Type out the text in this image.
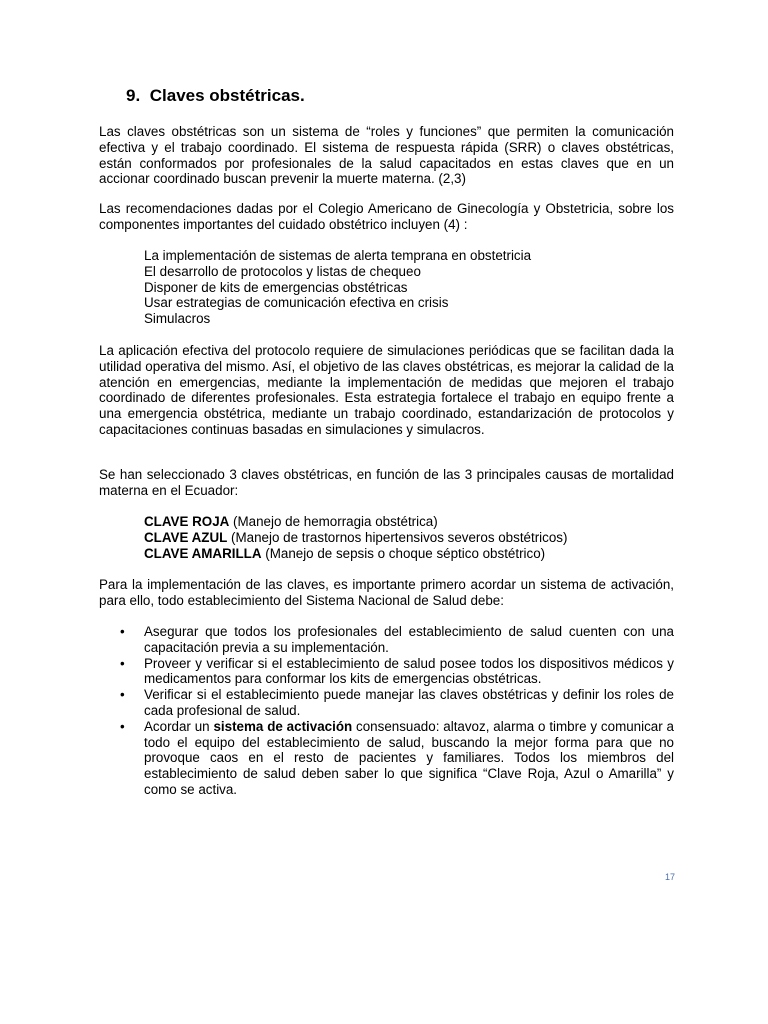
9. Claves obstétricas.

Las claves obstétricas son un sistema de “roles y funciones” que permiten la comunicación efectiva y el trabajo coordinado. El sistema de respuesta rápida (SRR) o claves obstétricas, están conformados por profesionales de la salud capacitados en estas claves que en un accionar coordinado buscan prevenir la muerte materna. (2,3)

Las recomendaciones dadas por el Colegio Americano de Ginecología y Obstetricia, sobre los componentes importantes del cuidado obstétrico incluyen (4) :

La implementación de sistemas de alerta temprana en obstetricia
El desarrollo de protocolos y listas de chequeo
Disponer de kits de emergencias obstétricas
Usar estrategias de comunicación efectiva en crisis
Simulacros

La aplicación efectiva del protocolo requiere de simulaciones periódicas que se facilitan dada la utilidad operativa del mismo. Así, el objetivo de las claves obstétricas, es mejorar la calidad de la atención en emergencias, mediante la implementación de medidas que mejoren el trabajo coordinado de diferentes profesionales. Esta estrategia fortalece el trabajo en equipo frente a una emergencia obstétrica, mediante un trabajo coordinado, estandarización de protocolos y capacitaciones continuas basadas en simulaciones y simulacros.

Se han seleccionado 3 claves obstétricas, en función de las 3 principales causas de mortalidad materna en el Ecuador:

CLAVE ROJA (Manejo de hemorragia obstétrica)
CLAVE AZUL (Manejo de trastornos hipertensivos severos obstétricos)
CLAVE AMARILLA (Manejo de sepsis o choque séptico obstétrico)

Para la implementación de las claves, es importante primero acordar un sistema de activación, para ello, todo establecimiento del Sistema Nacional de Salud debe:

• Asegurar que todos los profesionales del establecimiento de salud cuenten con una capacitación previa a su implementación.
• Proveer y verificar si el establecimiento de salud posee todos los dispositivos médicos y medicamentos para conformar los kits de emergencias obstétricas.
• Verificar si el establecimiento puede manejar las claves obstétricas y definir los roles de cada profesional de salud.
• Acordar un sistema de activación consensuado: altavoz, alarma o timbre y comunicar a todo el equipo del establecimiento de salud, buscando la mejor forma para que no provoque caos en el resto de pacientes y familiares. Todos los miembros del establecimiento de salud deben saber lo que significa “Clave Roja, Azul o Amarilla” y como se activa.
17
